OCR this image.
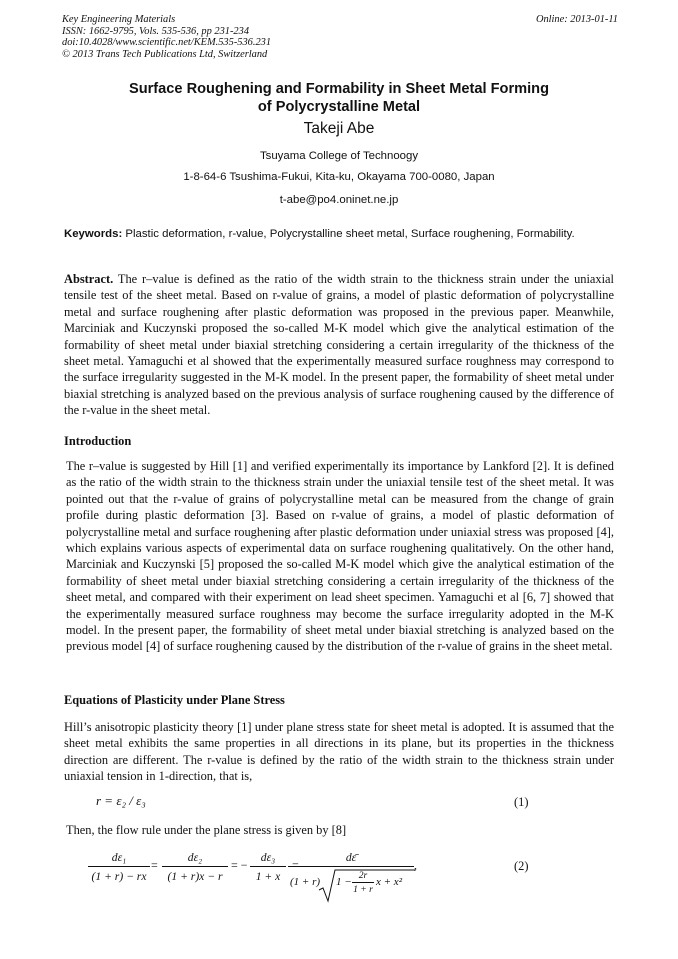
Key Engineering Materials
ISSN: 1662-9795, Vols. 535-536, pp 231-234
doi:10.4028/www.scientific.net/KEM.535-536.231
© 2013 Trans Tech Publications Ltd, Switzerland
Online: 2013-01-11
Surface Roughening and Formability in Sheet Metal Forming
of Polycrystalline Metal
Takeji Abe
Tsuyama College of Technoogy
1-8-64-6 Tsushima-Fukui, Kita-ku, Okayama 700-0080, Japan
t-abe@po4.oninet.ne.jp
Keywords: Plastic deformation, r-value, Polycrystalline sheet metal, Surface roughening, Formability.
Abstract. The r–value is defined as the ratio of the width strain to the thickness strain under the uniaxial tensile test of the sheet metal. Based on r-value of grains, a model of plastic deformation of polycrystalline metal and surface roughening after plastic deformation was proposed in the previous paper. Meanwhile, Marciniak and Kuczynski proposed the so-called M-K model which give the analytical estimation of the formability of sheet metal under biaxial stretching considering a certain irregularity of the thickness of the sheet metal. Yamaguchi et al showed that the experimentally measured surface roughness may correspond to the surface irregularity suggested in the M-K model. In the present paper, the formability of sheet metal under biaxial stretching is analyzed based on the previous analysis of surface roughening caused by the difference of the r-value in the sheet metal.
Introduction
The r–value is suggested by Hill [1] and verified experimentally its importance by Lankford [2]. It is defined as the ratio of the width strain to the thickness strain under the uniaxial tensile test of the sheet metal. It was pointed out that the r-value of grains of polycrystalline metal can be measured from the change of grain profile during plastic deformation [3]. Based on r-value of grains, a model of plastic deformation of polycrystalline metal and surface roughening after plastic deformation under uniaxial stress was proposed [4], which explains various aspects of experimental data on surface roughening qualitatively. On the other hand, Marciniak and Kuczynski [5] proposed the so-called M-K model which give the analytical estimation of the formability of sheet metal under biaxial stretching considering a certain irregularity of the thickness of the sheet metal, and compared with their experiment on lead sheet specimen. Yamaguchi et al [6, 7] showed that the experimentally measured surface roughness may become the surface irregularity adopted in the M-K model. In the present paper, the formability of sheet metal under biaxial stretching is analyzed based on the previous model [4] of surface roughening caused by the distribution of the r-value of grains in the sheet metal.
Equations of Plasticity under Plane Stress
Hill’s anisotropic plasticity theory [1] under plane stress state for sheet metal is adopted. It is assumed that the sheet metal exhibits the same properties in all directions in its plane, but its properties in the thickness direction are different. The r-value is defined by the ratio of the width strain to the thickness strain under uniaxial tension in 1-direction, that is,
r = ε₂ / ε₃	(1)
Then, the flow rule under the plane stress is given by [8]
$\frac{\text{dε₁}}{(1 + r) - rx} = \frac{\text{dε₂}}{(1 + r)x - r}$ = − $\frac{\text{dε₃}}{1 + x}$ =
dε̄
(1 + r) $1 - \frac{2r}{1 + r}$ x + x²
,	(2)
